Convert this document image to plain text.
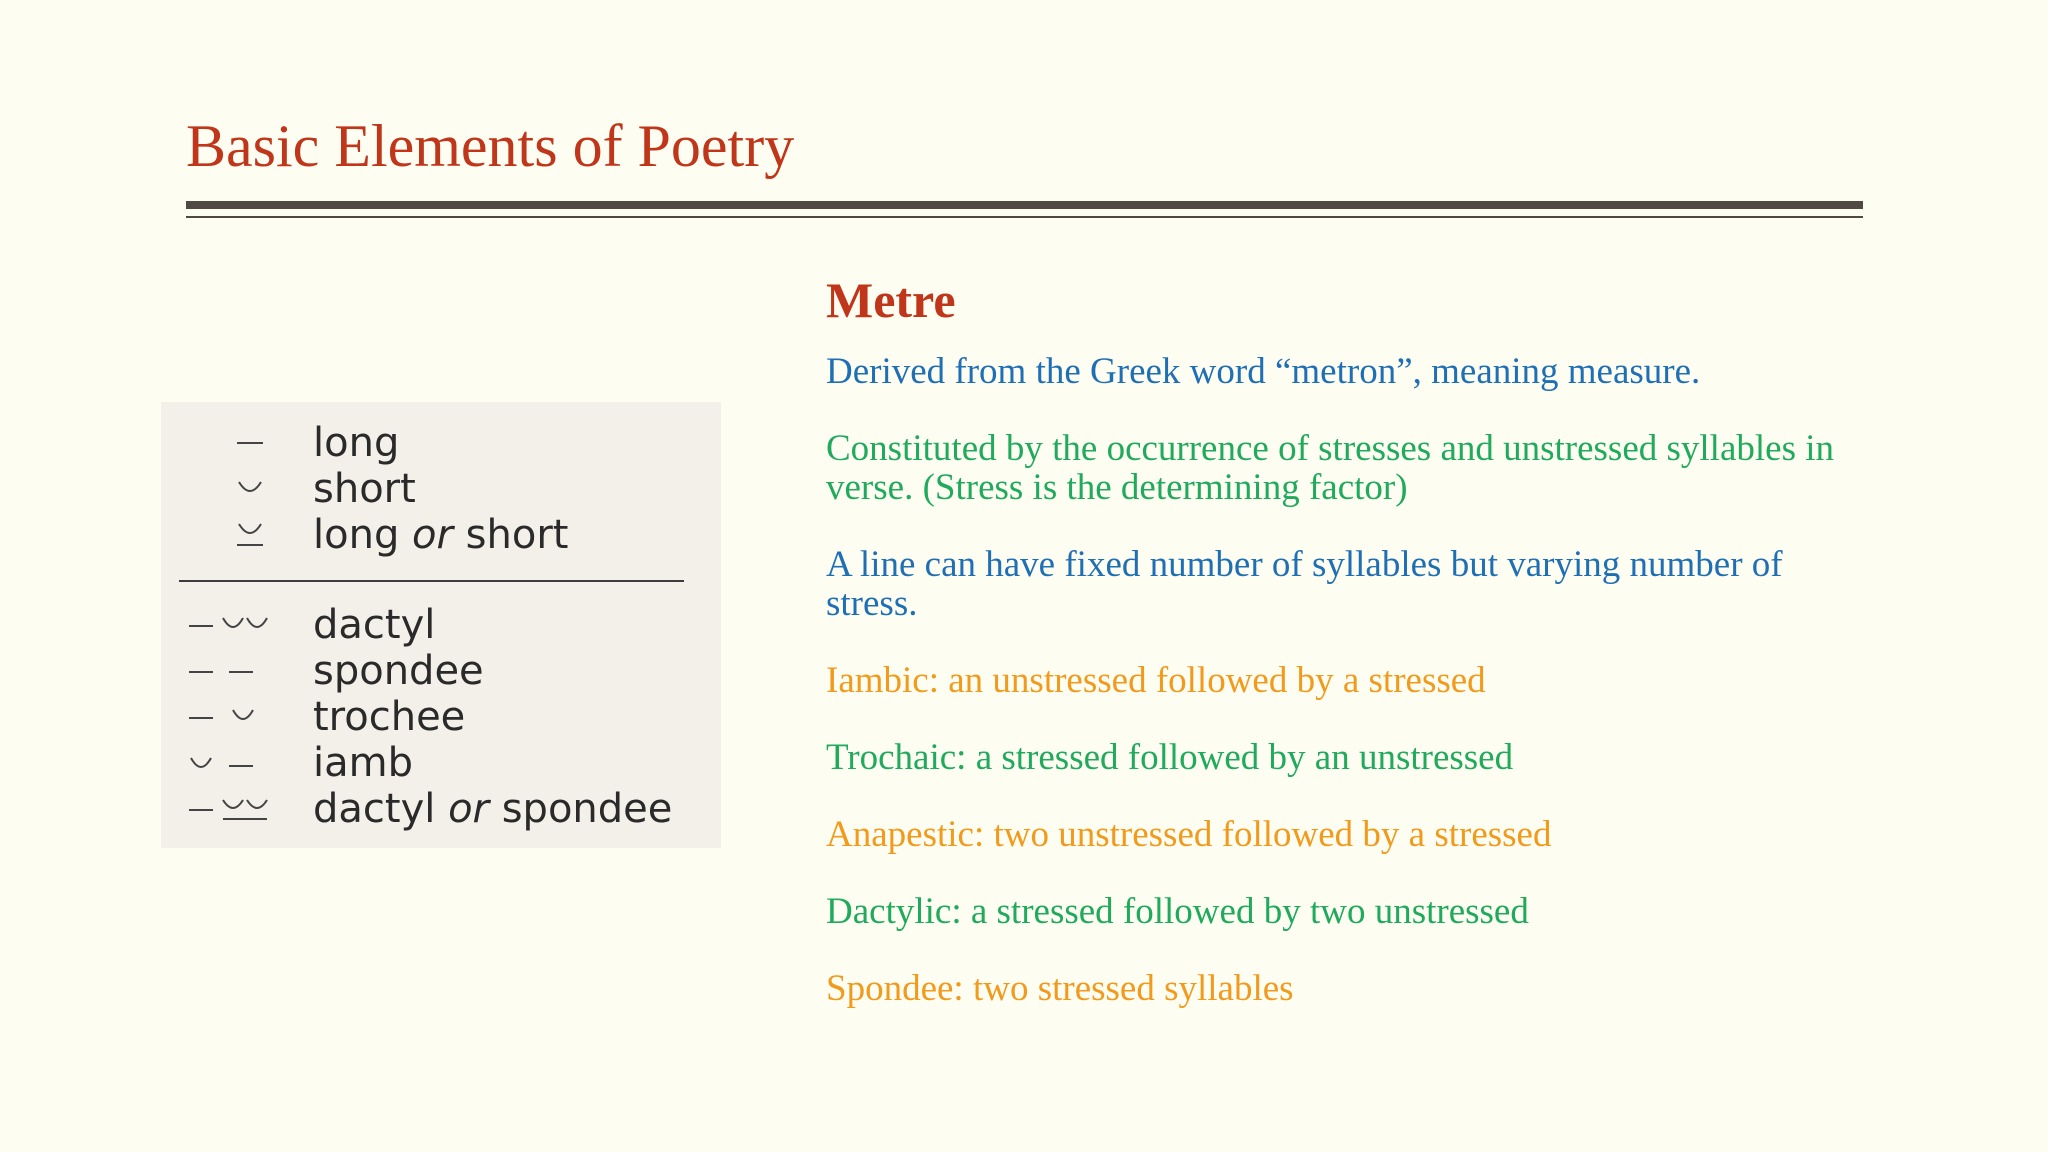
Basic Elements of Poetry
long
short
long or short
dactyl
spondee
trochee
iamb
dactyl or spondee
Metre

Derived from the Greek word “metron”, meaning measure.

Constituted by the occurrence of stresses and unstressed syllables in verse. (Stress is the determining factor)

A line can have fixed number of syllables but varying number of stress.

Iambic: an unstressed followed by a stressed

Trochaic: a stressed followed by an unstressed

Anapestic: two unstressed followed by a stressed

Dactylic: a stressed followed by two unstressed

Spondee: two stressed syllables
